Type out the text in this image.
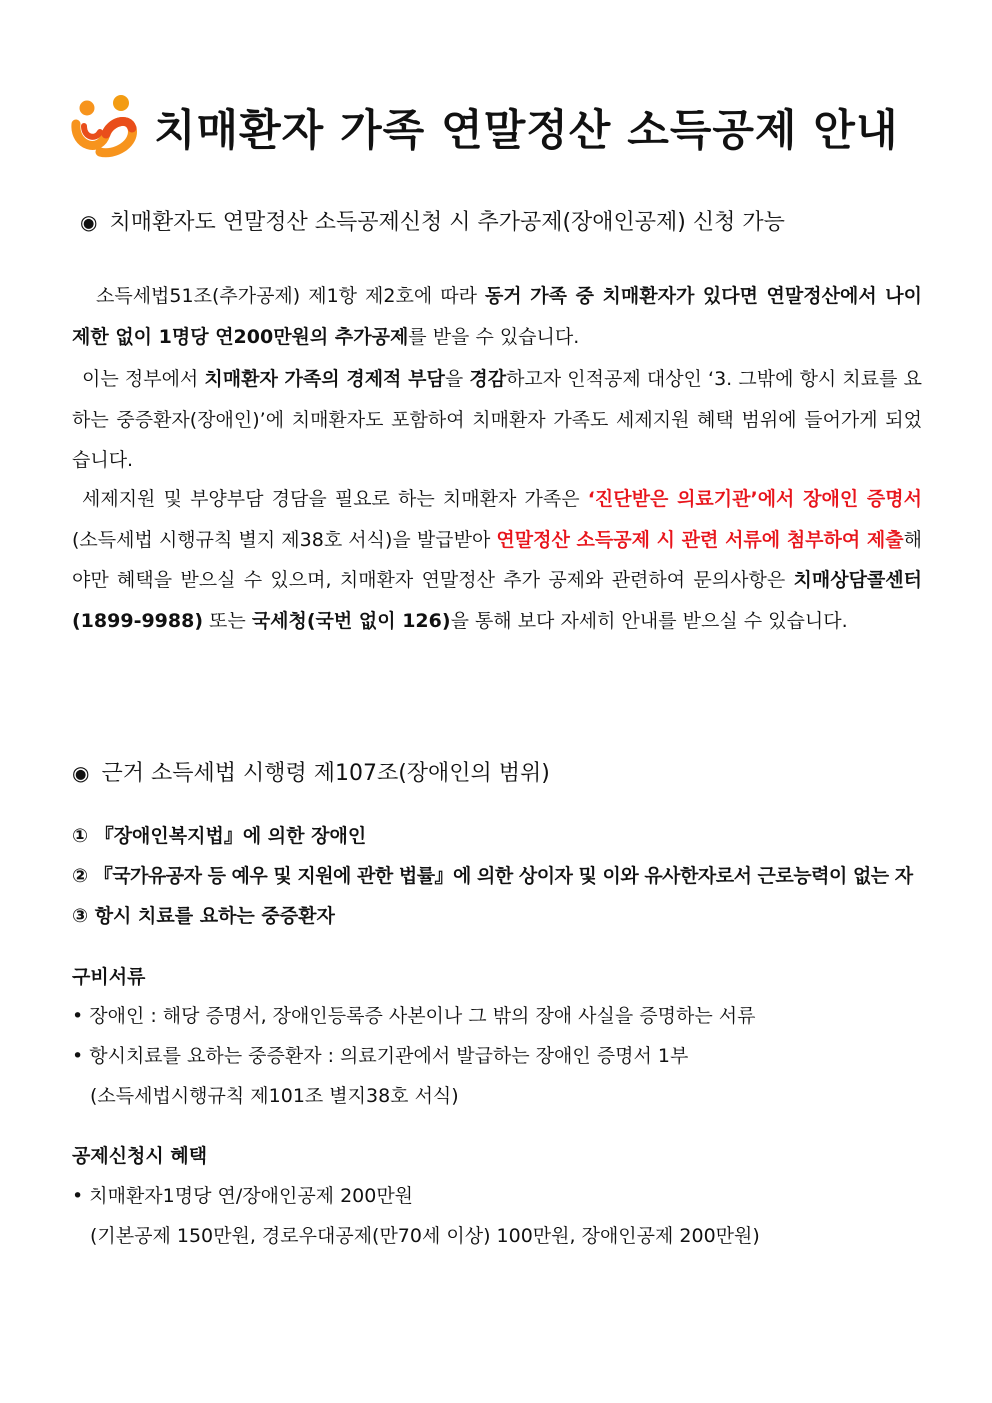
치매환자 가족 연말정산 소득공제 안내
◉ 치매환자도 연말정산 소득공제신청 시 추가공제(장애인공제) 신청 가능
소득세법51조(추가공제) 제1항 제2호에 따라 동거 가족 중 치매환자가 있다면 연말정산에서 나이 제한 없이 1명당 연200만원의 추가공제를 받을 수 있습니다.
이는 정부에서 치매환자 가족의 경제적 부담을 경감하고자 인적공제 대상인 ‘3. 그밖에 항시 치료를 요하는 중증환자(장애인)’에 치매환자도 포함하여 치매환자 가족도 세제지원 혜택 범위에 들어가게 되었습니다.
세제지원 및 부양부담 경담을 필요로 하는 치매환자 가족은 ‘진단받은 의료기관’에서 장애인 증명서(소득세법 시행규칙 별지 제38호 서식)을 발급받아 연말정산 소득공제 시 관련 서류에 첨부하여 제출해야만 혜택을 받으실 수 있으며, 치매환자 연말정산 추가 공제와 관련하여 문의사항은 치매상담콜센터(1899-9988) 또는 국세청(국번 없이 126)을 통해 보다 자세히 안내를 받으실 수 있습니다.
◉ 근거 소득세법 시행령 제107조(장애인의 범위)
① 『장애인복지법』에 의한 장애인
② 『국가유공자 등 예우 및 지원에 관한 법률』에 의한 상이자 및 이와 유사한자로서 근로능력이 없는 자
③ 항시 치료를 요하는 중증환자
구비서류
• 장애인 : 해당 증명서, 장애인등록증 사본이나 그 밖의 장애 사실을 증명하는 서류
• 항시치료를 요하는 중증환자 : 의료기관에서 발급하는 장애인 증명서 1부
(소득세법시행규칙 제101조 별지38호 서식)
공제신청시 혜택
• 치매환자1명당 연/장애인공제 200만원
(기본공제 150만원, 경로우대공제(만70세 이상) 100만원, 장애인공제 200만원)
